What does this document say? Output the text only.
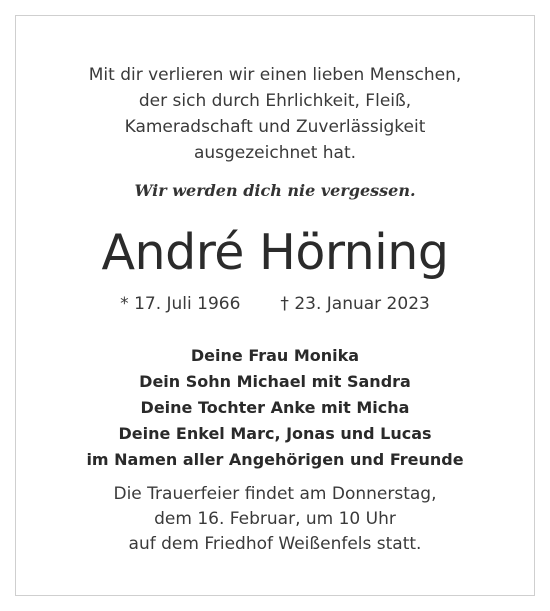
Mit dir verlieren wir einen lieben Menschen,
der sich durch Ehrlichkeit, Fleiß,
Kameradschaft und Zuverlässigkeit
ausgezeichnet hat.
Wir werden dich nie vergessen.
André Hörning
* 17. Juli 1966 † 23. Januar 2023
Deine Frau Monika
Dein Sohn Michael mit Sandra
Deine Tochter Anke mit Micha
Deine Enkel Marc, Jonas und Lucas
im Namen aller Angehörigen und Freunde
Die Trauerfeier findet am Donnerstag,
dem 16. Februar, um 10 Uhr
auf dem Friedhof Weißenfels statt.
